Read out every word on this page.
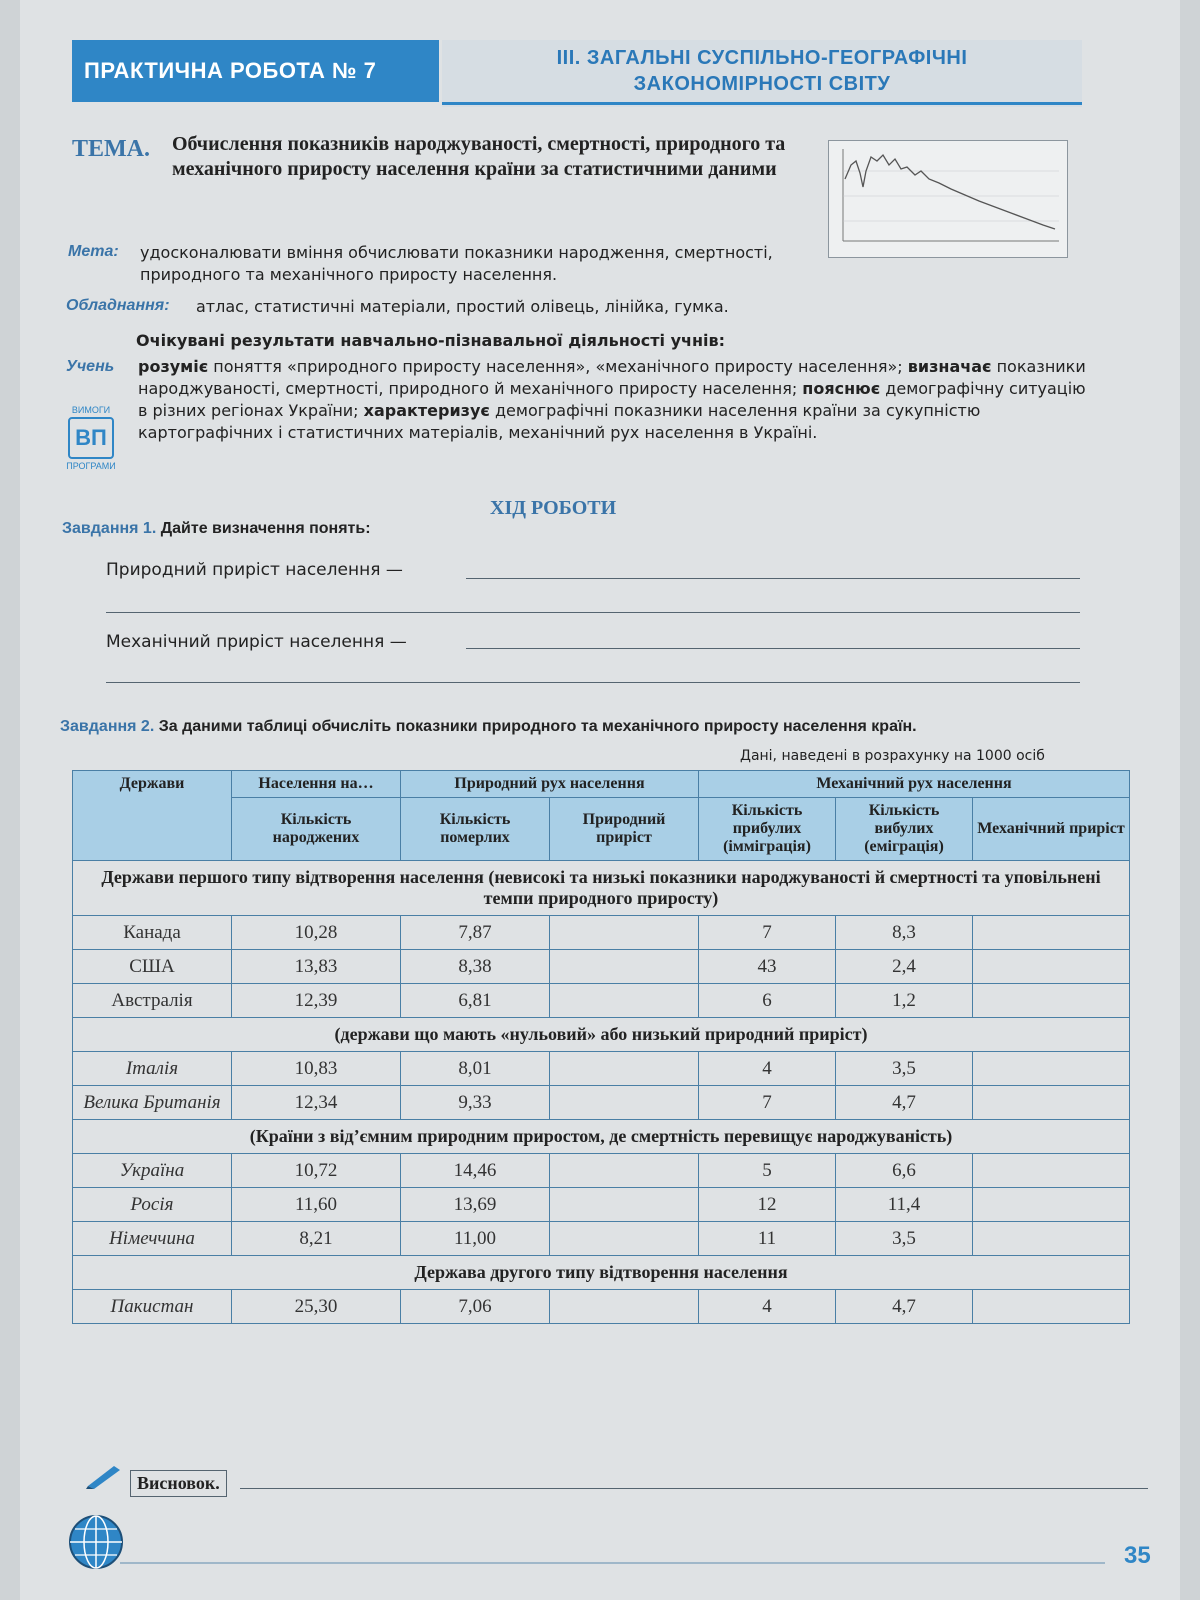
ПРАКТИЧНА РОБОТА № 7	ІІІ. ЗАГАЛЬНІ СУСПІЛЬНО-ГЕОГРАФІЧНІ
ЗАКОНОМІРНОСТІ СВІТУ
ТЕМА. Обчислення показників народжуваності, смертності, природного та механічного приросту населення країни за статистичними даними
Мета: удосконалювати вміння обчислювати показники народження, смертності, природного та механічного приросту населення.
Обладнання: атлас, статистичні матеріали, простий олівець, лінійка, гумка.
Очікувані результати навчально-пізнавальної діяльності учнів:
Учень
ВИМОГИ
ВП
ПРОГРАМИ
розуміє поняття «природного приросту населення», «механічного приросту населення»; визначає показники народжуваності, смертності, природного й механічного приросту населення; пояснює демографічну ситуацію в різних регіонах України; характеризує демографічні показники населення країни за сукупністю картографічних і статистичних матеріалів, механічний рух населення в Україні.
ХІД РОБОТИ
Завдання 1. Дайте визначення понять:
Природний приріст населення —
Механічний приріст населення —
Завдання 2. За даними таблиці обчисліть показники природного та механічного приросту населення країн.
Дані, наведені в розрахунку на 1000 осіб
Держави	Населення на…	Природний рух населення		Механічний рух населення		
	Кількість народжених	Кількість померлих	Природний приріст	Кількість прибулих (імміграція)	Кількість вибулих (еміграція)	Механічний приріст
Держави першого типу відтворення населення (невисокі та низькі показники народжуваності й смертності та уповільнені темпи природного приросту)						
Канада	10,28	7,87		7	8,3	
США	13,83	8,38		43	2,4	
Австралія	12,39	6,81		6	1,2	
(держави що мають «нульовий» або низький природний приріст)						
Італія	10,83	8,01		4	3,5	
Велика Британія	12,34	9,33		7	4,7	
(Країни з від’ємним природним приростом, де смертність перевищує народжуваність)						
Україна	10,72	14,46		5	6,6	
Росія	11,60	13,69		12	11,4	
Німеччина	8,21	11,00		11	3,5	
Держава другого типу відтворення населення						
Пакистан	25,30	7,06		4	4,7	
Висновок.
35
